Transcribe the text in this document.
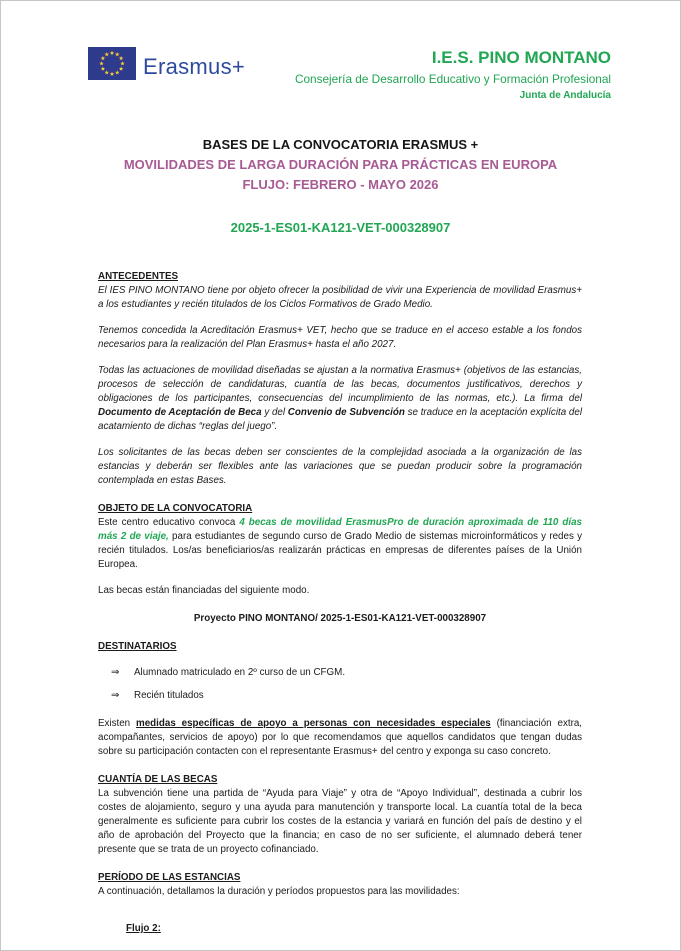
Erasmus+	I.E.S. PINO MONTANO
Consejería de Desarrollo Educativo y Formación Profesional
Junta de Andalucía
BASES DE LA CONVOCATORIA ERASMUS +
MOVILIDADES DE LARGA DURACIÓN PARA PRÁCTICAS EN EUROPA
FLUJO: FEBRERO - MAYO 2026
2025-1-ES01-KA121-VET-000328907
ANTECEDENTES

El IES PINO MONTANO tiene por objeto ofrecer la posibilidad de vivir una Experiencia de movilidad Erasmus+ a los estudiantes y recién titulados de los Ciclos Formativos de Grado Medio.

Tenemos concedida la Acreditación Erasmus+ VET, hecho que se traduce en el acceso estable a los fondos necesarios para la realización del Plan Erasmus+ hasta el año 2027.

Todas las actuaciones de movilidad diseñadas se ajustan a la normativa Erasmus+ (objetivos de las estancias, procesos de selección de candidaturas, cuantía de las becas, documentos justificativos, derechos y obligaciones de los participantes, consecuencias del incumplimiento de las normas, etc.). La firma del Documento de Aceptación de Beca y del Convenio de Subvención se traduce en la aceptación explícita del acatamiento de dichas “reglas del juego”.

Los solicitantes de las becas deben ser conscientes de la complejidad asociada a la organización de las estancias y deberán ser flexibles ante las variaciones que se puedan producir sobre la programación contemplada en estas Bases.

OBJETO DE LA CONVOCATORIA

Este centro educativo convoca 4 becas de movilidad ErasmusPro de duración aproximada de 110 días más 2 de viaje, para estudiantes de segundo curso de Grado Medio de sistemas microinformáticos y redes y recién titulados. Los/as beneficiarios/as realizarán prácticas en empresas de diferentes países de la Unión Europea.

Las becas están financiadas del siguiente modo.

Proyecto PINO MONTANO/ 2025-1-ES01-KA121-VET-000328907

DESTINATARIOS
⇒	Alumnado matriculado en 2º curso de un CFGM.
⇒	Recién titulados

Existen medidas específicas de apoyo a personas con necesidades especiales (financiación extra, acompañantes, servicios de apoyo) por lo que recomendamos que aquellos candidatos que tengan dudas sobre su participación contacten con el representante Erasmus+ del centro y exponga su caso concreto.

CUANTÍA DE LAS BECAS

La subvención tiene una partida de “Ayuda para Viaje” y otra de “Apoyo Individual”, destinada a cubrir los costes de alojamiento, seguro y una ayuda para manutención y transporte local. La cuantía total de la beca generalmente es suficiente para cubrir los costes de la estancia y variará en función del país de destino y el año de aprobación del Proyecto que la financia; en caso de no ser suficiente, el alumnado deberá tener presente que se trata de un proyecto cofinanciado.

PERÍODO DE LAS ESTANCIAS

A continuación, detallamos la duración y períodos propuestos para las movilidades:

Flujo 2:
